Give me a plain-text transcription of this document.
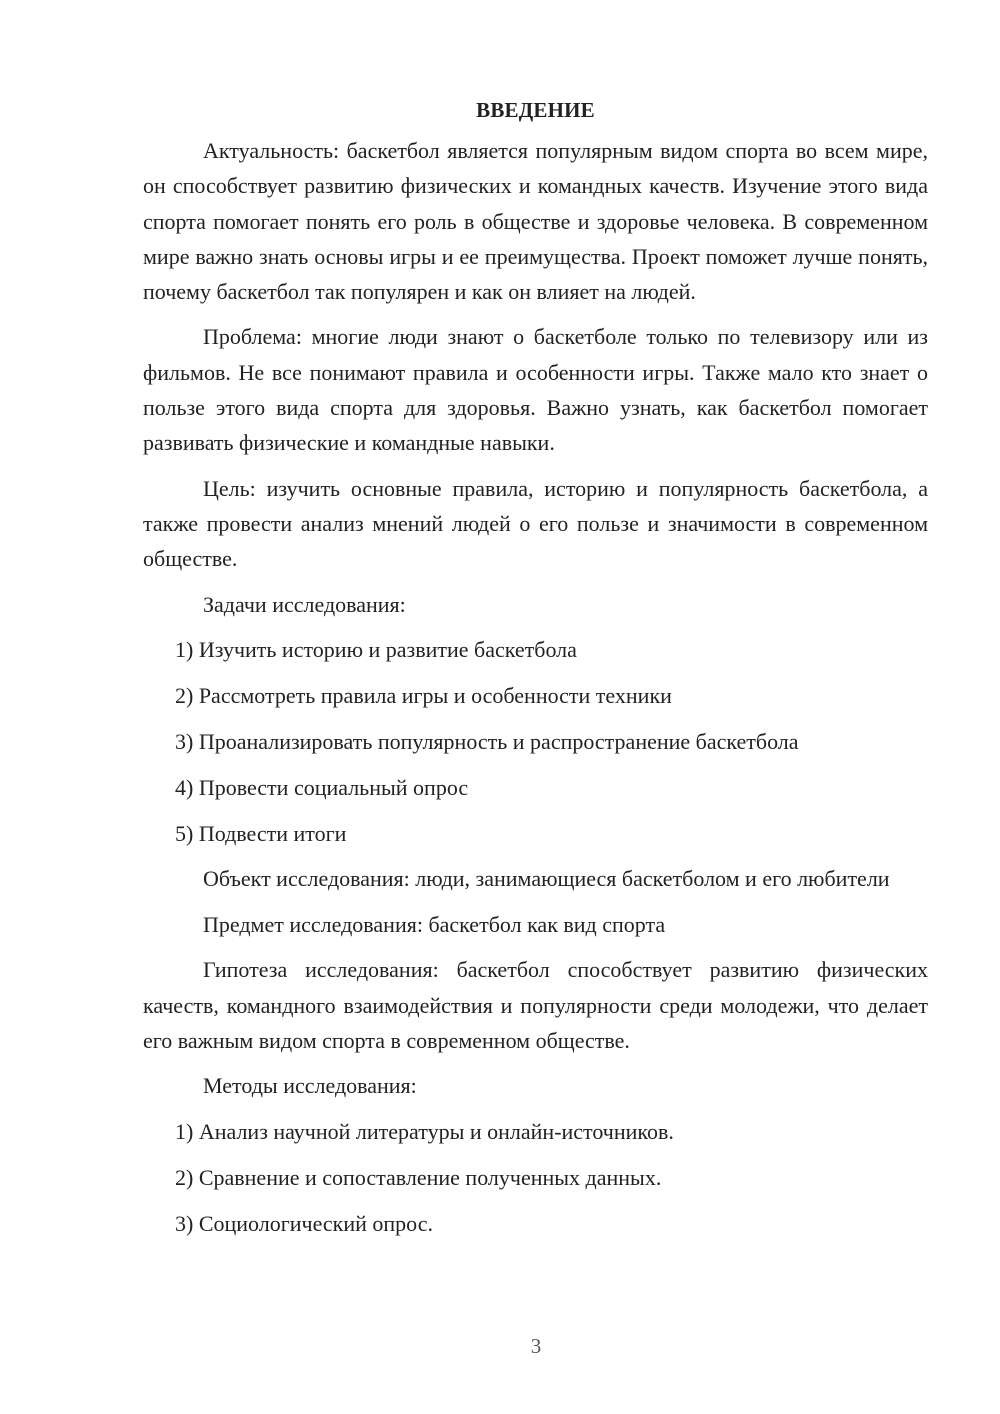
ВВЕДЕНИЕ

Актуальность: баскетбол является популярным видом спорта во всем мире, он способствует развитию физических и командных качеств. Изучение этого вида спорта помогает понять его роль в обществе и здоровье человека. В современном мире важно знать основы игры и ее преимущества. Проект поможет лучше понять, почему баскетбол так популярен и как он влияет на людей.

Проблема: многие люди знают о баскетболе только по телевизору или из фильмов. Не все понимают правила и особенности игры. Также мало кто знает о пользе этого вида спорта для здоровья. Важно узнать, как баскетбол помогает развивать физические и командные навыки.

Цель: изучить основные правила, историю и популярность баскетбола, а также провести анализ мнений людей о его пользе и значимости в современном обществе.

Задачи исследования:

1) Изучить историю и развитие баскетбола
2) Рассмотреть правила игры и особенности техники
3) Проанализировать популярность и распространение баскетбола
4) Провести социальный опрос
5) Подвести итоги

Объект исследования: люди, занимающиеся баскетболом и его любители

Предмет исследования: баскетбол как вид спорта

Гипотеза исследования: баскетбол способствует развитию физических качеств, командного взаимодействия и популярности среди молодежи, что делает его важным видом спорта в современном обществе.

Методы исследования:

1) Анализ научной литературы и онлайн-источников.
2) Сравнение и сопоставление полученных данных.
3) Социологический опрос.
3
